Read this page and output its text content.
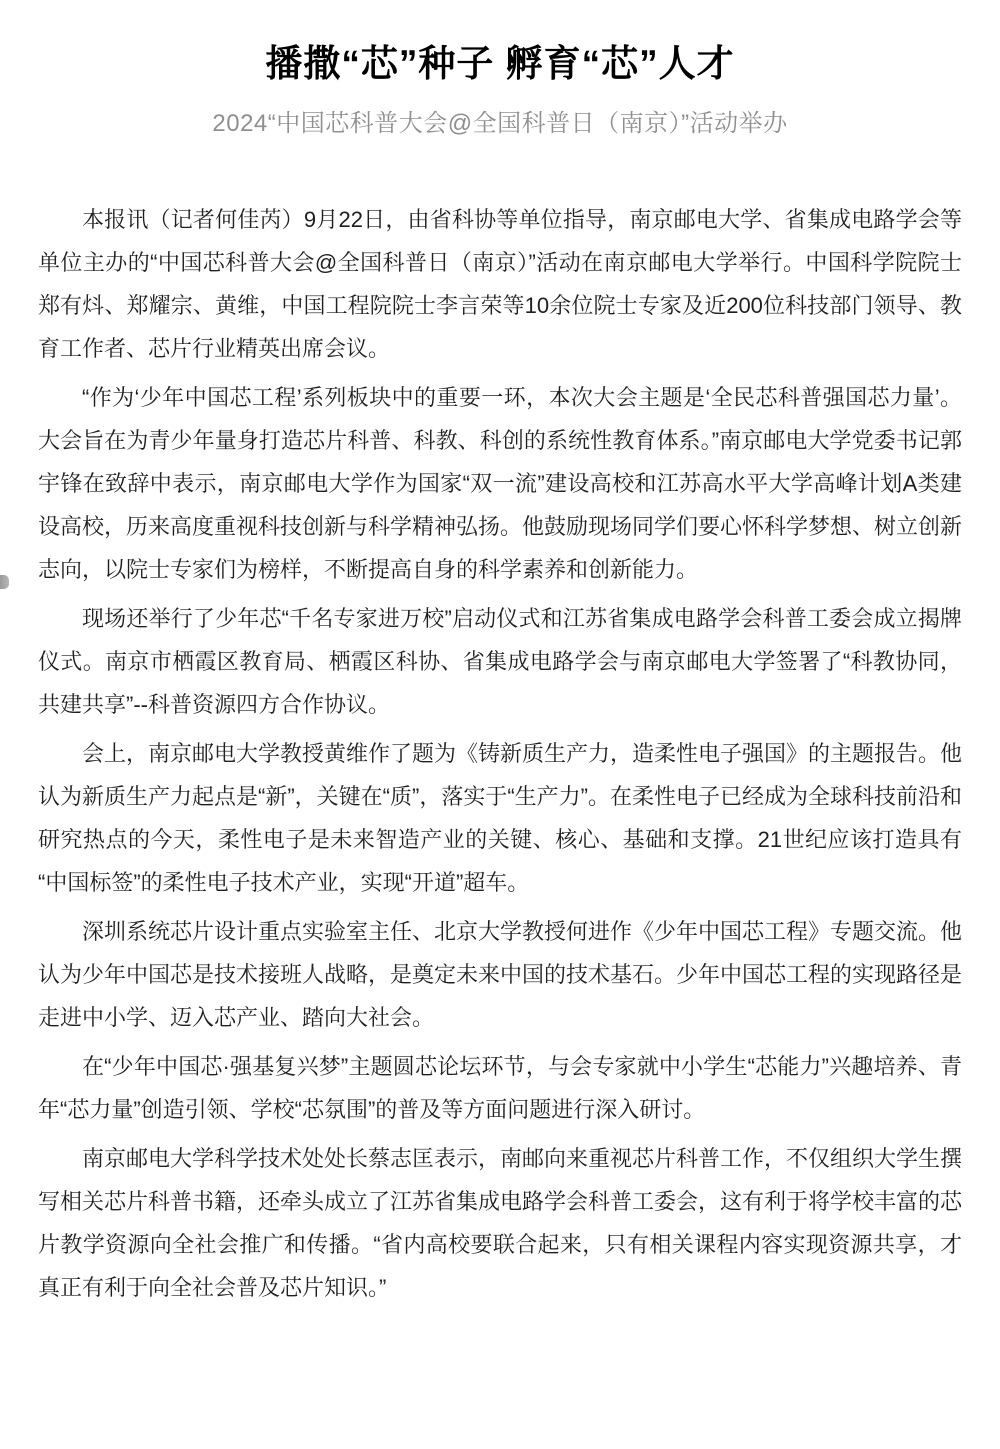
播撒“芯”种子 孵育“芯”人才
2024“中国芯科普大会@全国科普日（南京）”活动举办

本报讯（记者何佳芮）9月22日，由省科协等单位指导，南京邮电大学、省集成电路学会等单位主办的“中国芯科普大会@全国科普日（南京）”活动在南京邮电大学举行。中国科学院院士郑有炓、郑耀宗、黄维，中国工程院院士李言荣等10余位院士专家及近200位科技部门领导、教育工作者、芯片行业精英出席会议。

“作为‘少年中国芯工程’系列板块中的重要一环，本次大会主题是‘全民芯科普强国芯力量’。大会旨在为青少年量身打造芯片科普、科教、科创的系统性教育体系。”南京邮电大学党委书记郭宇锋在致辞中表示，南京邮电大学作为国家“双一流”建设高校和江苏高水平大学高峰计划A类建设高校，历来高度重视科技创新与科学精神弘扬。他鼓励现场同学们要心怀科学梦想、树立创新志向，以院士专家们为榜样，不断提高自身的科学素养和创新能力。

现场还举行了少年芯“千名专家进万校”启动仪式和江苏省集成电路学会科普工委会成立揭牌仪式。南京市栖霞区教育局、栖霞区科协、省集成电路学会与南京邮电大学签署了“科教协同，共建共享”--科普资源四方合作协议。

会上，南京邮电大学教授黄维作了题为《铸新质生产力，造柔性电子强国》的主题报告。他认为新质生产力起点是“新”，关键在“质”，落实于“生产力”。在柔性电子已经成为全球科技前沿和研究热点的今天，柔性电子是未来智造产业的关键、核心、基础和支撑。21世纪应该打造具有“中国标签”的柔性电子技术产业，实现“开道”超车。

深圳系统芯片设计重点实验室主任、北京大学教授何进作《少年中国芯工程》专题交流。他认为少年中国芯是技术接班人战略，是奠定未来中国的技术基石。少年中国芯工程的实现路径是走进中小学、迈入芯产业、踏向大社会。

在“少年中国芯·强基复兴梦”主题圆芯论坛环节，与会专家就中小学生“芯能力”兴趣培养、青年“芯力量”创造引领、学校“芯氛围”的普及等方面问题进行深入研讨。

南京邮电大学科学技术处处长蔡志匡表示，南邮向来重视芯片科普工作，不仅组织大学生撰写相关芯片科普书籍，还牵头成立了江苏省集成电路学会科普工委会，这有利于将学校丰富的芯片教学资源向全社会推广和传播。“省内高校要联合起来，只有相关课程内容实现资源共享，才真正有利于向全社会普及芯片知识。”
